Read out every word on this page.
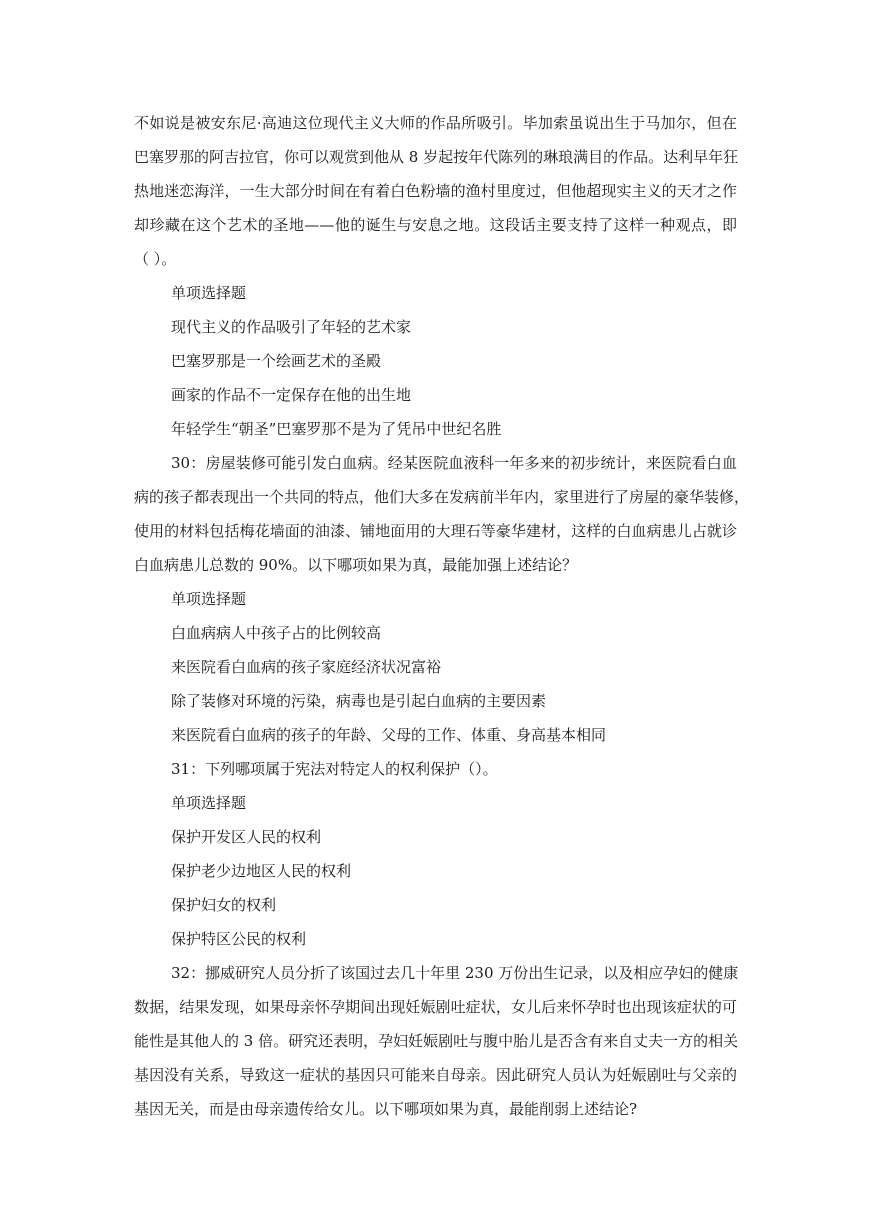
不如说是被安东尼·高迪这位现代主义大师的作品所吸引。毕加索虽说出生于马加尔，但在
巴塞罗那的阿吉拉官，你可以观赏到他从 8 岁起按年代陈列的琳琅满目的作品。达利早年狂
热地迷恋海洋，一生大部分时间在有着白色粉墙的渔村里度过，但他超现实主义的天才之作
却珍藏在这个艺术的圣地——他的诞生与安息之地。这段话主要支持了这样一种观点，即
（ ）。
单项选择题
现代主义的作品吸引了年轻的艺术家
巴塞罗那是一个绘画艺术的圣殿
画家的作品不一定保存在他的出生地
年轻学生“朝圣”巴塞罗那不是为了凭吊中世纪名胜
30：房屋装修可能引发白血病。经某医院血液科一年多来的初步统计，来医院看白血
病的孩子都表现出一个共同的特点，他们大多在发病前半年内，家里进行了房屋的豪华装修，
使用的材料包括梅花墙面的油漆、铺地面用的大理石等豪华建材，这样的白血病患儿占就诊
白血病患儿总数的 90%。以下哪项如果为真，最能加强上述结论？
单项选择题
白血病病人中孩子占的比例较高
来医院看白血病的孩子家庭经济状况富裕
除了装修对环境的污染，病毒也是引起白血病的主要因素
来医院看白血病的孩子的年龄、父母的工作、体重、身高基本相同
31：下列哪项属于宪法对特定人的权利保护（）。
单项选择题
保护开发区人民的权利
保护老少边地区人民的权利
保护妇女的权利
保护特区公民的权利
32：挪威研究人员分折了该国过去几十年里 230 万份出生记录，以及相应孕妇的健康
数据，结果发现，如果母亲怀孕期间出现妊娠剧吐症状，女儿后来怀孕时也出现该症状的可
能性是其他人的 3 倍。研究还表明，孕妇妊娠剧吐与腹中胎儿是否含有来自丈夫一方的相关
基因没有关系，导致这一症状的基因只可能来自母亲。因此研究人员认为妊娠剧吐与父亲的
基因无关，而是由母亲遗传给女儿。以下哪项如果为真，最能削弱上述结论?
